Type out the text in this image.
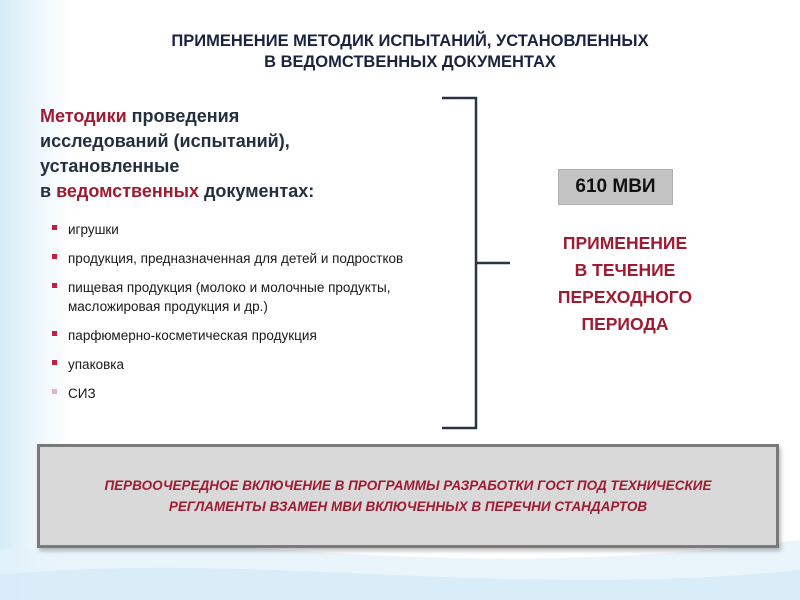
ПРИМЕНЕНИЕ МЕТОДИК ИСПЫТАНИЙ, УСТАНОВЛЕННЫХ
В ВЕДОМСТВЕННЫХ ДОКУМЕНТАХ
Методики проведения
исследований (испытаний),
установленные
в ведомственных документах:
игрушки
продукция, предназначенная для детей и подростков
пищевая продукция (молоко и молочные продукты, масложировая продукция и др.)
парфюмерно-косметическая продукция
упаковка
СИЗ
610 МВИ
ПРИМЕНЕНИЕ
В ТЕЧЕНИЕ
ПЕРЕХОДНОГО
ПЕРИОДА
ПЕРВООЧЕРЕДНОЕ ВКЛЮЧЕНИЕ В ПРОГРАММЫ РАЗРАБОТКИ ГОСТ ПОД ТЕХНИЧЕСКИЕ РЕГЛАМЕНТЫ ВЗАМЕН МВИ ВКЛЮЧЕННЫХ В ПЕРЕЧНИ СТАНДАРТОВ
